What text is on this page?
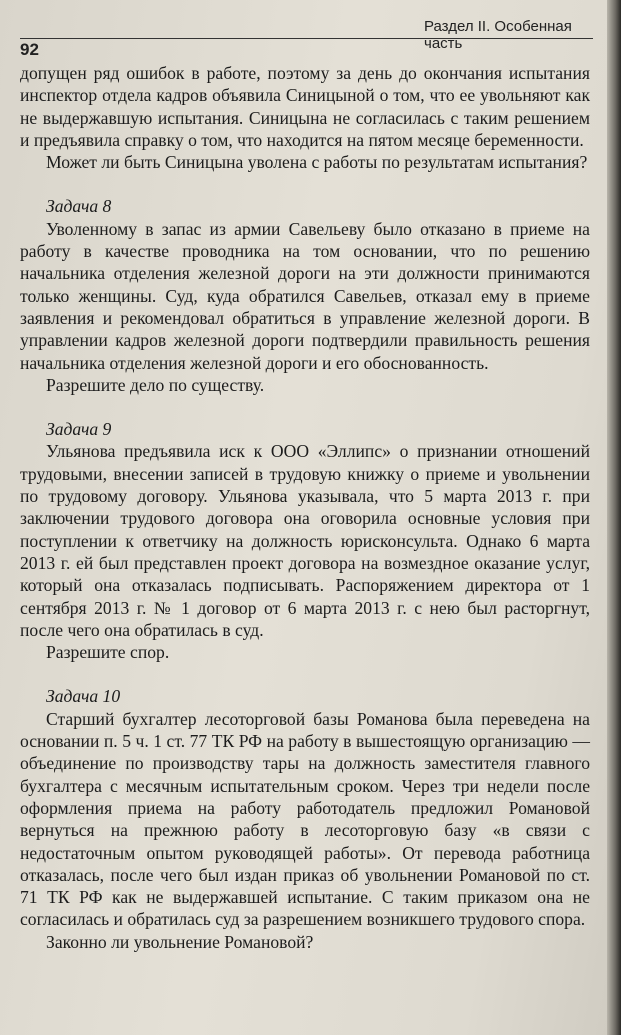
Раздел II. Особенная часть
92

допущен ряд ошибок в работе, поэтому за день до окончания испытания инспектор отдела кадров объявила Синицыной о том, что ее увольняют как не выдержавшую испытания. Синицына не согласилась с таким решением и предъявила справку о том, что находится на пятом месяце беременности.

Может ли быть Синицына уволена с работы по результатам испытания?

Задача 8

Уволенному в запас из армии Савельеву было отказано в приеме на работу в качестве проводника на том основании, что по решению начальника отделения железной дороги на эти должности принимаются только женщины. Суд, куда обратился Савельев, отказал ему в приеме заявления и рекомендовал обратиться в управление железной дороги. В управлении кадров железной дороги подтвердили правильность решения начальника отделения железной дороги и его обоснованность.

Разрешите дело по существу.

Задача 9

Ульянова предъявила иск к ООО «Эллипс» о признании отношений трудовыми, внесении записей в трудовую книжку о приеме и увольнении по трудовому договору. Ульянова указывала, что 5 марта 2013 г. при заключении трудового договора она оговорила основные условия при поступлении к ответчику на должность юрисконсульта. Однако 6 марта 2013 г. ей был представлен проект договора на возмездное оказание услуг, который она отказалась подписывать. Распоряжением директора от 1 сентября 2013 г. № 1 договор от 6 марта 2013 г. с нею был расторгнут, после чего она обратилась в суд.

Разрешите спор.

Задача 10

Старший бухгалтер лесоторговой базы Романова была переведена на основании п. 5 ч. 1 ст. 77 ТК РФ на работу в вышестоящую организацию — объединение по производству тары на должность заместителя главного бухгалтера с месячным испытательным сроком. Через три недели после оформления приема на работу работодатель предложил Романовой вернуться на прежнюю работу в лесоторговую базу «в связи с недостаточным опытом руководящей работы». От перевода работница отказалась, после чего был издан приказ об увольнении Романовой по ст. 71 ТК РФ как не выдержавшей испытание. С таким приказом она не согласилась и обратилась суд за разрешением возникшего трудового спора.

Законно ли увольнение Романовой?
